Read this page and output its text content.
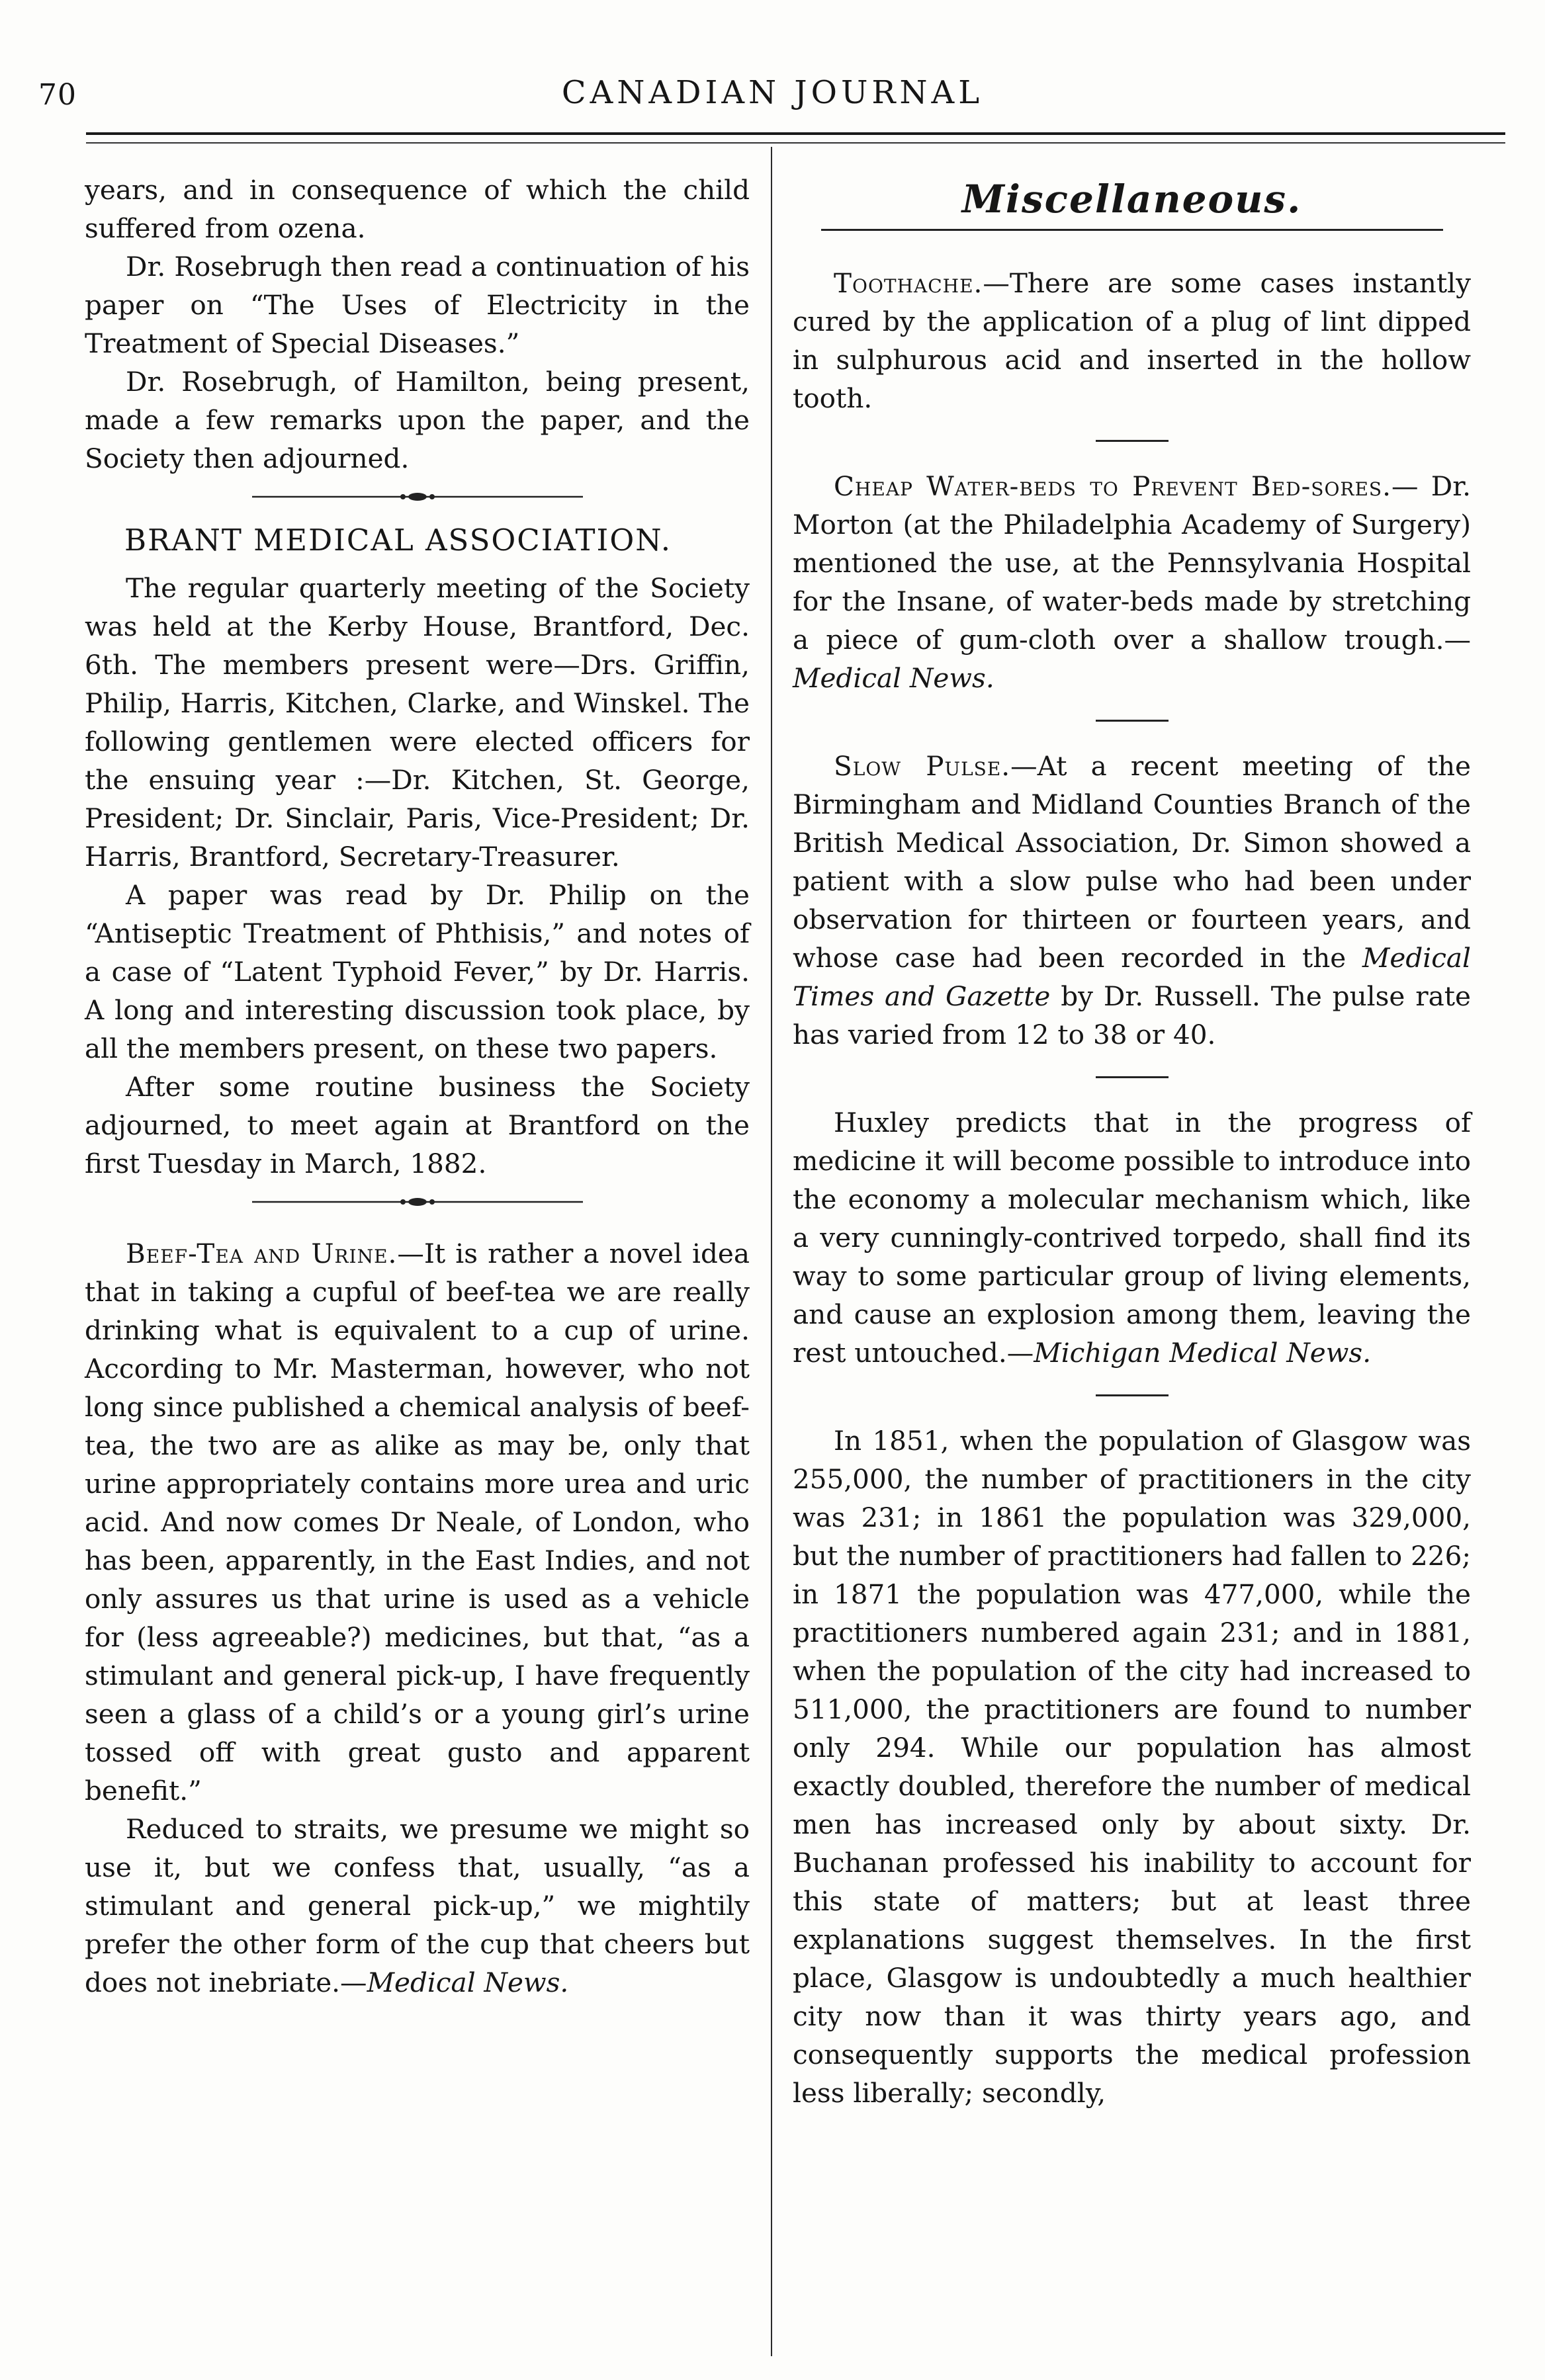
70	CANADIAN JOURNAL

years, and in consequence of which the child suffered from ozena.

Dr. Rosebrugh then read a continuation of his paper on “The Uses of Electricity in the Treatment of Special Diseases.”

Dr. Rosebrugh, of Hamilton, being present, made a few remarks upon the paper, and the Society then adjourned.

BRANT MEDICAL ASSOCIATION.

The regular quarterly meeting of the Society was held at the Kerby House, Brantford, Dec. 6th. The members present were—Drs. Griffin, Philip, Harris, Kitchen, Clarke, and Winskel. The following gentlemen were elected officers for the ensuing year :—Dr. Kitchen, St. George, President; Dr. Sinclair, Paris, Vice-President; Dr. Harris, Brantford, Secretary-Treasurer.

A paper was read by Dr. Philip on the “Antiseptic Treatment of Phthisis,” and notes of a case of “Latent Typhoid Fever,” by Dr. Harris. A long and interesting discussion took place, by all the members present, on these two papers.

After some routine business the Society adjourned, to meet again at Brantford on the first Tuesday in March, 1882.

Beef-Tea and Urine.—It is rather a novel idea that in taking a cupful of beef-tea we are really drinking what is equivalent to a cup of urine. According to Mr. Masterman, however, who not long since published a chemical analysis of beef-tea, the two are as alike as may be, only that urine appropriately contains more urea and uric acid. And now comes Dr Neale, of London, who has been, apparently, in the East Indies, and not only assures us that urine is used as a vehicle for (less agreeable?) medicines, but that, “as a stimulant and general pick-up, I have frequently seen a glass of a child’s or a young girl’s urine tossed off with great gusto and apparent benefit.”

Reduced to straits, we presume we might so use it, but we confess that, usually, “as a stimulant and general pick-up,” we mightily prefer the other form of the cup that cheers but does not inebriate.—Medical News.

Miscellaneous.

Toothache.—There are some cases instantly cured by the application of a plug of lint dipped in sulphurous acid and inserted in the hollow tooth.

Cheap Water-beds to Prevent Bed-sores.— Dr. Morton (at the Philadelphia Academy of Surgery) mentioned the use, at the Pennsylvania Hospital for the Insane, of water-beds made by stretching a piece of gum-cloth over a shallow trough.—Medical News.

Slow Pulse.—At a recent meeting of the Birmingham and Midland Counties Branch of the British Medical Association, Dr. Simon showed a patient with a slow pulse who had been under observation for thirteen or fourteen years, and whose case had been recorded in the Medical Times and Gazette by Dr. Russell. The pulse rate has varied from 12 to 38 or 40.

Huxley predicts that in the progress of medicine it will become possible to introduce into the economy a molecular mechanism which, like a very cunningly-contrived torpedo, shall find its way to some particular group of living elements, and cause an explosion among them, leaving the rest untouched.—Michigan Medical News.

In 1851, when the population of Glasgow was 255,000, the number of practitioners in the city was 231; in 1861 the population was 329,000, but the number of practitioners had fallen to 226; in 1871 the population was 477,000, while the practitioners numbered again 231; and in 1881, when the population of the city had increased to 511,000, the practitioners are found to number only 294. While our population has almost exactly doubled, therefore the number of medical men has increased only by about sixty. Dr. Buchanan professed his inability to account for this state of matters; but at least three explanations suggest themselves. In the first place, Glasgow is undoubtedly a much healthier city now than it was thirty years ago, and consequently supports the medical profession less liberally; secondly,
